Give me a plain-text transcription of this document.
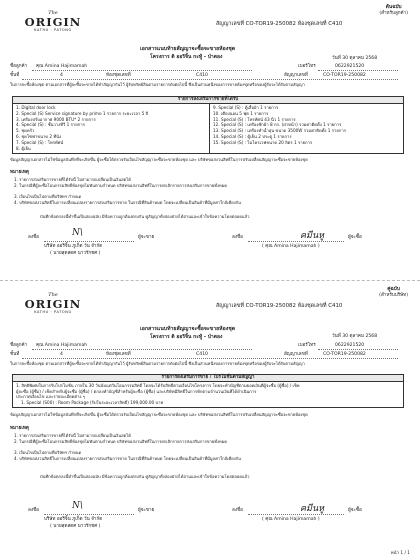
The
ORIGIN
KATHU · PATONG
ต้นฉบับ
(สำหรับลูกค้า)
สัญญาเลขที่ CO-TOR19-250082 ห้องชุดเลขที่ C410
เอกสารแนบท้ายสัญญาจะซื้อจะขายห้องชุด
โครงการ ดิ ออริจิ้น กะทู้ - ป่าตอง	วันที่ 30 ตุลาคม 2568
ชื่อลูกค้า คุณ Amina Hajimamah	เบอร์โทร	0622921520
ชั้นที่	4	ห้องชุดเลขที่	C410	สัญญาเลขที่	CO-TOR19-250082
ในการจะซื้อห้องชุด ตามเอกสารที่ผู้จะซื้อจะขายได้ทำสัญญากันไว้ ผู้รับทรัพย์สินตามรายการดังต่อไปนี้ ซึ่งเป็นส่วนหนึ่งของการขายห้องชุดหรือของผู้รับจะได้รับตามสัญญา
รายการส่งเสริมการขายที่ได้รับ
1. Digital door lock
2. Special (S) Service signature by primo 1 รายการ ระยะเวลา 5 ปี
3. เครื่องปรับอากาศ 9000 BTU* 2 รายการ
4. Special (S) : ชั้นวางทีวี 1 รายการ
5. ชุดครัว
6. ชุดโซฟาขนาด 2 ที่นั่ง
7. Special (S) : โทรทัศน์
8. ตู้เย็น
9. Special (S) : ตู้เสื้อผ้า 1 รายการ
10. เตียงนอน 5 ฟุต 1 รายการ
11. Special (S) : โทรทัศน์ 43 นิ้ว 1 รายการ
12. Special (S) : เครื่องซักผ้า 8 กก. (ฝาหน้า) รวมค่าติดตั้ง 1 รายการ
13. Special (S) : เครื่องทำน้ำอุ่น ขนาด 3500W รวมค่าติดตั้ง 1 รายการ
14. Special (S) : ตู้เย็น 2 ประตู 1 รายการ
15. Special (S) : ไมโครเวฟขนาด 20 ลิตร 1 รายการ
ข้อมูลสัญญาเอกสารไม่ใช่ข้อมูลบันทึกที่จะเกิดขึ้น ผู้จะซื้อได้ตรวจรับเงื่อนไขสัญญาจะซื้อจะขายห้องชุด และ บริษัทขอสงวนสิทธิ์ในการปรับเปลี่ยนสัญญาจะซื้อจะขายห้องชุด
หมายเหตุ
1. รายการส่งเสริมการขายที่ได้รับนี้ ไม่สามารถเปลี่ยนเป็นเงินสดได้
2. ในกรณีที่ผู้จะซื้อโอนกรรมสิทธิ์ห้องชุดไม่ทันตามกำหนด บริษัทขอสงวนสิทธิ์ในการยกเลิกรายการส่งเสริมการขายทั้งหมด
3. เงื่อนไขเป็นไปตามที่บริษัทฯ กำหนด
4. บริษัทขอสงวนสิทธิ์ในการเปลี่ยนแปลงรายการส่งเสริมการขาย ในกรณีที่สินค้าหมด โดยจะเปลี่ยนเป็นสินค้าที่มีมูลค่าใกล้เคียงกัน
บันทึกข้อตกลงนี้ทำขึ้นเป็นสองฉบับ มีข้อความถูกต้องตรงกัน คู่สัญญาทั้งสองฝ่ายได้อ่านและเข้าใจข้อความโดยตลอดแล้ว
ลงชื่อ	N\	ผู้จะขาย
บริษัท ออริจิ้น ภูเก็ต วัน จำกัด
( นายสุดสดศ นาวรักชศ )
ลงชื่อ	คมีนหู	ผู้จะซื้อ
( คุณ Amina Hajimamah )
The
ORIGIN
KATHU · PATONG
คู่ฉบับ
(สำหรับบริษัท)
สัญญาเลขที่ CO-TOR19-250082 ห้องชุดเลขที่ C410
เอกสารแนบท้ายสัญญาจะซื้อจะขายห้องชุด
โครงการ ดิ ออริจิ้น กะทู้ - ป่าตอง	วันที่ 30 ตุลาคม 2568
ชื่อลูกค้า คุณ Amina Hajimamah	เบอร์โทร	0622921520
ชั้นที่	4	ห้องชุดเลขที่	C410	สัญญาเลขที่	CO-TOR19-250082
ในการจะซื้อห้องชุด ตามเอกสารที่ผู้จะซื้อจะขายได้ทำสัญญากันไว้ ผู้รับทรัพย์สินตามรายการดังต่อไปนี้ ซึ่งเป็นส่วนหนึ่งของการขายห้องชุดหรือของผู้รับจะได้รับตามสัญญา
รายการส่งเสริมการขาย / โปรโมชั่นตามสัญญา
1. สิทธิพิเศษในการรับโปรโมชั่น ภายใน 30 วันนับแต่วันโอนกรรมสิทธิ์ โดยจะได้รับสิทธิ์ตามเงื่อนไขโครงการ โดยจะทำบัญชีตามยอดเงินที่ผู้จะซื้อ (ผู้ซื้อ) / เช็ค
ผู้จะซื้อ (ผู้ซื้อ) / เช็คสำหรับผู้จะซื้อ (ผู้ซื้อ) / ตกลงทำบัญชีสำหรับผู้จะซื้อ (ผู้ซื้อ) และบริษัทมีสิทธิ์ในการหักตามจำนวนเงินที่ได้ดำเนินการ
ประกาศเงื่อนไข และรายละเอียดต่าง ๆ
1. Special (S00) : Room Package (รับในระยะเวลาสิทธิ์) 199,000.00 บาท
ข้อมูลสัญญาเอกสารไม่ใช่ข้อมูลบันทึกที่จะเกิดขึ้น ผู้จะซื้อได้ตรวจรับเงื่อนไขสัญญาจะซื้อจะขายห้องชุด และ บริษัทขอสงวนสิทธิ์ในการปรับเปลี่ยนสัญญาจะซื้อจะขายห้องชุด
หมายเหตุ
1. รายการส่งเสริมการขายที่ได้รับนี้ ไม่สามารถเปลี่ยนเป็นเงินสดได้
2. ในกรณีที่ผู้จะซื้อโอนกรรมสิทธิ์ห้องชุดไม่ทันตามกำหนด บริษัทขอสงวนสิทธิ์ในการยกเลิกรายการส่งเสริมการขายทั้งหมด
3. เงื่อนไขเป็นไปตามที่บริษัทฯ กำหนด
4. บริษัทขอสงวนสิทธิ์ในการเปลี่ยนแปลงรายการส่งเสริมการขาย ในกรณีที่สินค้าหมด โดยจะเปลี่ยนเป็นสินค้าที่มีมูลค่าใกล้เคียงกัน
บันทึกข้อตกลงนี้ทำขึ้นเป็นสองฉบับ มีข้อความถูกต้องตรงกัน คู่สัญญาทั้งสองฝ่ายได้อ่านและเข้าใจข้อความโดยตลอดแล้ว
ลงชื่อ	N\	ผู้จะขาย
บริษัท ออริจิ้น ภูเก็ต วัน จำกัด
( นายสุดสดศ นาวรักชศ )
ลงชื่อ	คมีนหู	ผู้จะซื้อ
( คุณ Amina Hajimamah )
หน้า 1 / 1
